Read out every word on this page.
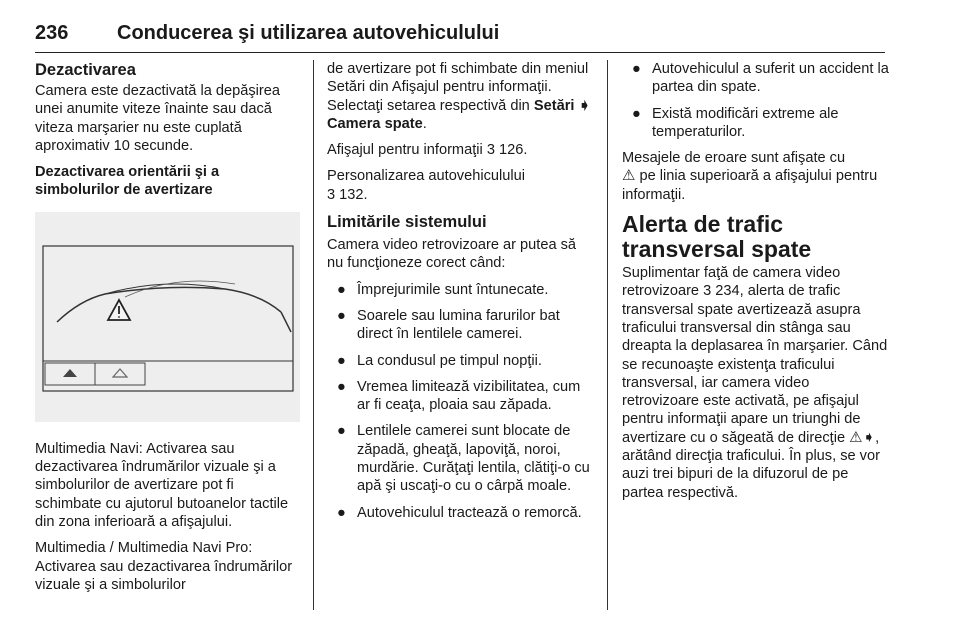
236 Conducerea şi utilizarea autovehiculului
Dezactivarea

Camera este dezactivată la depăşirea unei anumite viteze înainte sau dacă viteza marşarier nu este cuplată aproximativ 10 secunde.

Dezactivarea orientării şi a simbolurilor de avertizare

Multimedia Navi: Activarea sau dezactivarea îndrumărilor vizuale şi a simbolurilor de avertizare pot fi schimbate cu ajutorul butoanelor tactile din zona inferioară a afişajului.

Multimedia / Multimedia Navi Pro: Activarea sau dezactivarea îndrumărilor vizuale şi a simbolurilor

de avertizare pot fi schimbate din meniul Setări din Afişajul pentru informaţii. Selectaţi setarea respectivă din Setări ➧ Camera spate.

Afişajul pentru informaţii 3 126.

Personalizarea autovehiculului
3 132.

Limitările sistemului

Camera video retrovizoare ar putea să nu funcţioneze corect când:

● Împrejurimile sunt întunecate.
● Soarele sau lumina farurilor bat direct în lentilele camerei.
● La condusul pe timpul nopţii.
● Vremea limitează vizibilitatea, cum ar fi ceaţa, ploaia sau zăpada.
● Lentilele camerei sunt blocate de zăpadă, gheaţă, lapoviţă, noroi, murdărie. Curăţaţi lentila, clătiţi-o cu apă şi uscaţi-o cu o cârpă moale.
● Autovehiculul tractează o remorcă.
● Autovehiculul a suferit un accident la partea din spate.
● Există modificări extreme ale temperaturilor.

Mesajele de eroare sunt afişate cu
⚠ pe linia superioară a afişajului pentru informaţii.

Alerta de trafic transversal spate

Suplimentar faţă de camera video retrovizoare 3 234, alerta de trafic transversal spate avertizează asupra traficului transversal din stânga sau dreapta la deplasarea în marşarier. Când se recunoaşte existenţa traficului transversal, iar camera video retrovizoare este activată, pe afişajul pentru informaţii apare un triunghi de avertizare cu o săgeată de direcţie ⚠➧, arătând direcţia traficului. În plus, se vor auzi trei bipuri de la difuzorul de pe partea respectivă.
